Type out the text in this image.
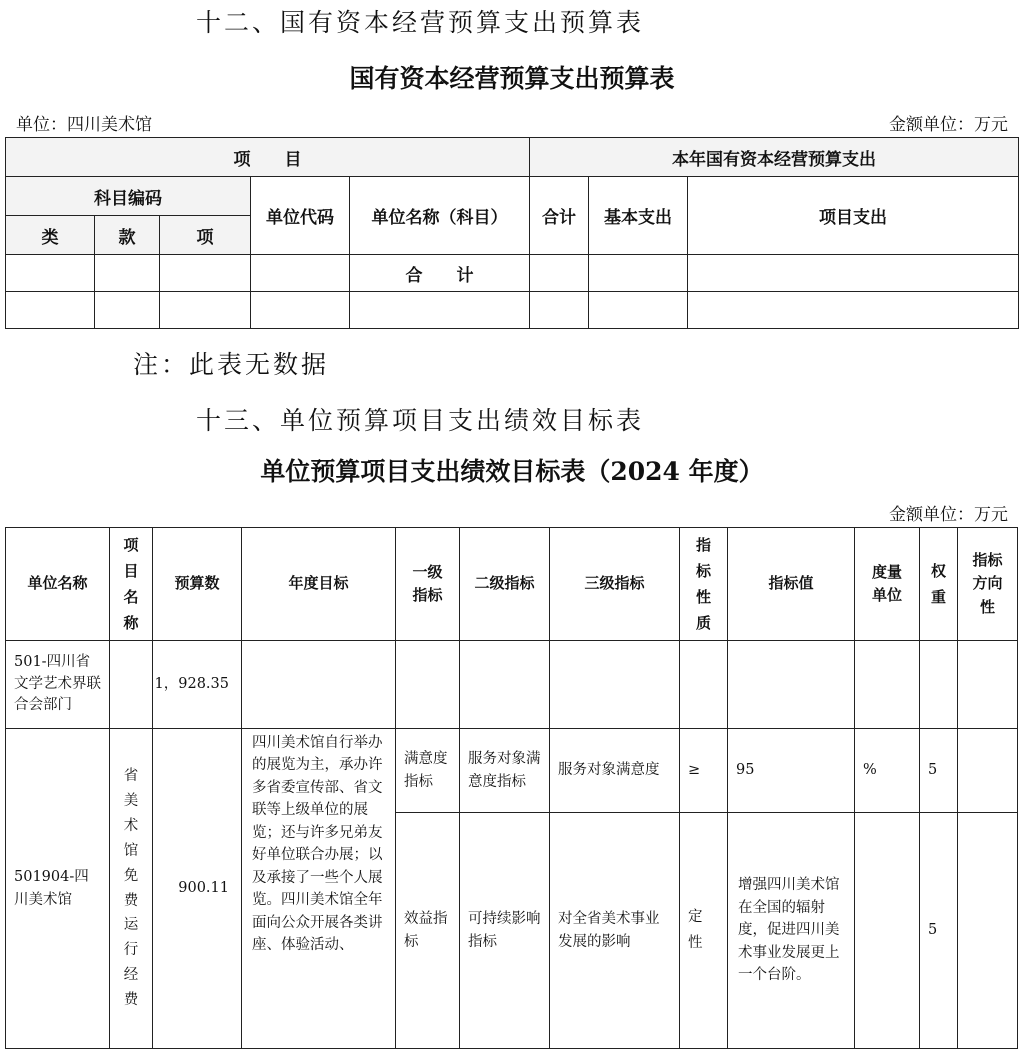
十二、国有资本经营预算支出预算表
国有资本经营预算支出预算表
单位：四川美术馆	金额单位：万元
项　　目					本年国有资本经营预算支出		
科目编码			单位代码	单位名称（科目）	合计	基本支出	项目支出
类	款	项					
				合　　计			

注：此表无数据
十三、单位预算项目支出绩效目标表
单位预算项目支出绩效目标表（2024 年度）
金额单位：万元
单位名称	项目名称	预算数	年度目标	一级指标	二级指标	三级指标	指标性质	指标值	度量单位	权重	指标方向性
501-四川省文学艺术界联合会部门		1，928.35									
501904-四川美术馆	省美术馆免费运行经费	900.11	四川美术馆自行举办的展览为主，承办许多省委宣传部、省文联等上级单位的展览；还与许多兄弟友好单位联合办展；以及承接了一些个人展览。四川美术馆全年面向公众开展各类讲座、体验活动、	满意度指标	服务对象满意度指标	服务对象满意度	≥	95	%	5	
				效益指标	可持续影响指标	对全省美术事业发展的影响	定性	增强四川美术馆在全国的辐射度，促进四川美术事业发展更上一个台阶。		5	
